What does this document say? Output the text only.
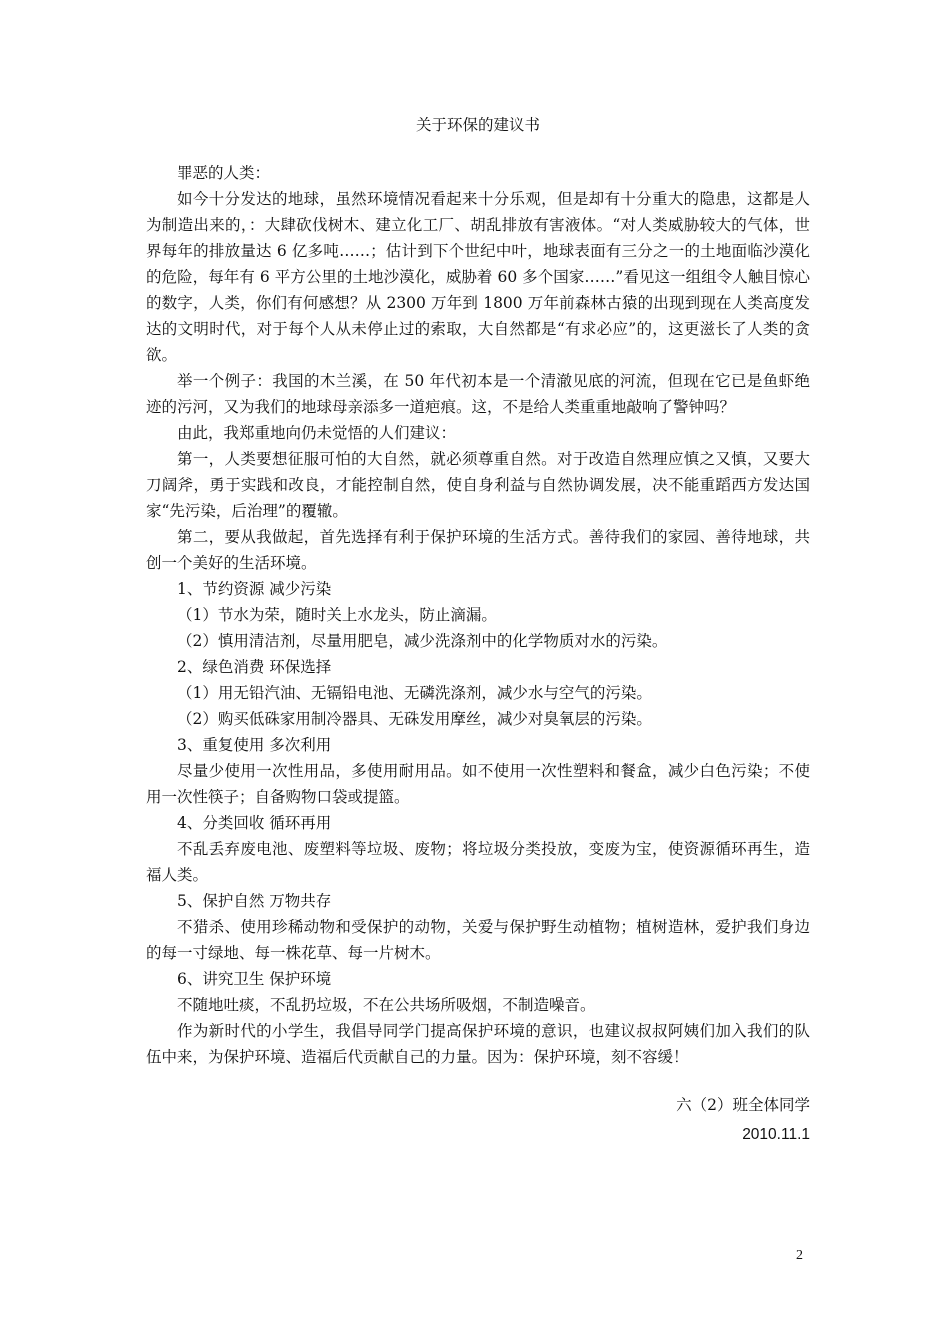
关于环保的建议书

罪恶的人类：

如今十分发达的地球，虽然环境情况看起来十分乐观，但是却有十分重大的隐患，这都是人为制造出来的，：大肆砍伐树木、建立化工厂、胡乱排放有害液体。“对人类威胁较大的气体，世界每年的排放量达 6 亿多吨……；估计到下个世纪中叶，地球表面有三分之一的土地面临沙漠化的危险，每年有 6 平方公里的土地沙漠化，威胁着 60 多个国家……”看见这一组组令人触目惊心的数字，人类，你们有何感想？从 2300 万年到 1800 万年前森林古猿的出现到现在人类高度发达的文明时代，对于每个人从未停止过的索取，大自然都是“有求必应”的，这更滋长了人类的贪欲。

举一个例子：我国的木兰溪，在 50 年代初本是一个清澈见底的河流，但现在它已是鱼虾绝迹的污河，又为我们的地球母亲添多一道疤痕。这，不是给人类重重地敲响了警钟吗？

由此，我郑重地向仍未觉悟的人们建议：

第一，人类要想征服可怕的大自然，就必须尊重自然。对于改造自然理应慎之又慎，又要大刀阔斧，勇于实践和改良，才能控制自然，使自身利益与自然协调发展，决不能重蹈西方发达国家“先污染，后治理”的覆辙。

第二，要从我做起，首先选择有利于保护环境的生活方式。善待我们的家园、善待地球，共创一个美好的生活环境。

1、节约资源 减少污染

（1）节水为荣，随时关上水龙头，防止滴漏。

（2）慎用清洁剂，尽量用肥皂，减少洗涤剂中的化学物质对水的污染。

2、绿色消费 环保选择

（1）用无铅汽油、无镉铅电池、无磷洗涤剂，减少水与空气的污染。

（2）购买低硃家用制冷器具、无硃发用摩丝，减少对臭氧层的污染。

3、重复使用 多次利用

尽量少使用一次性用品，多使用耐用品。如不使用一次性塑料和餐盒，减少白色污染；不使用一次性筷子；自备购物口袋或提篮。

4、分类回收 循环再用

不乱丢弃废电池、废塑料等垃圾、废物；将垃圾分类投放，变废为宝，使资源循环再生，造福人类。

5、保护自然 万物共存

不猎杀、使用珍稀动物和受保护的动物，关爱与保护野生动植物；植树造林，爱护我们身边的每一寸绿地、每一株花草、每一片树木。

6、讲究卫生 保护环境

不随地吐痰，不乱扔垃圾，不在公共场所吸烟，不制造噪音。

作为新时代的小学生，我倡导同学门提高保护环境的意识，也建议叔叔阿姨们加入我们的队伍中来，为保护环境、造福后代贡献自己的力量。因为：保护环境，刻不容缓！

六（2）班全体同学
2010.11.1
2
